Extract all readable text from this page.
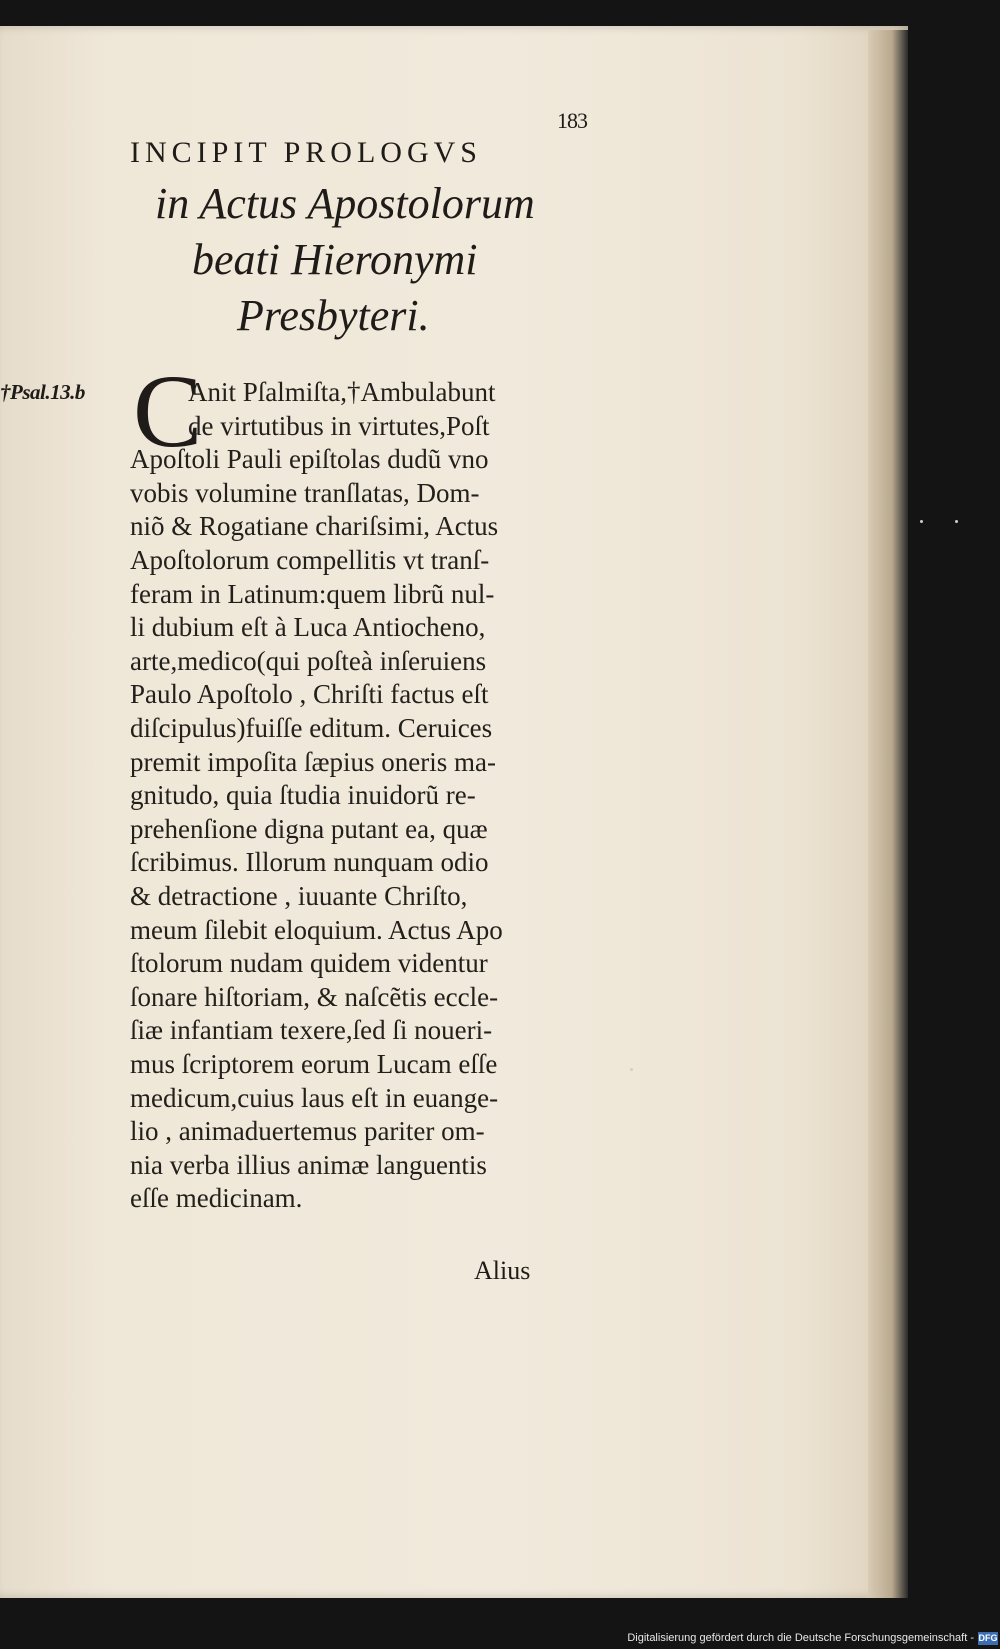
183
INCIPIT PROLOGVS
in Actus Apostolorum
beati Hieronymi
Presbyteri.
†Psal.13.b C
Anit Pſalmiſta,†Ambulabunt
de virtutibus in virtutes,Poſt
Apoſtoli Pauli epiſtolas dudũ vno
vobis volumine tranſlatas, Dom-
niõ & Rogatiane chariſsimi, Actus
Apoſtolorum compellitis vt tranſ-
feram in Latinum:quem librũ nul-
li dubium eſt à Luca Antiocheno,
arte,medico(qui poſteà inſeruiens
Paulo Apoſtolo , Chriſti factus eſt
diſcipulus)fuiſſe editum. Ceruices
premit impoſita ſæpius oneris ma-
gnitudo, quia ſtudia inuidorũ re-
prehenſione digna putant ea, quæ
ſcribimus. Illorum nunquam odio
& detractione , iuuante Chriſto,
meum ſilebit eloquium. Actus Apo
ſtolorum nudam quidem videntur
ſonare hiſtoriam, & naſcẽtis eccle-
ſiæ infantiam texere,ſed ſi noueri-
mus ſcriptorem eorum Lucam eſſe
medicum,cuius laus eſt in euange-
lio , animaduertemus pariter om-
nia verba illius animæ languentis
eſſe medicinam.
Alius
Digitalisierung gefördert durch die Deutsche Forschungsgemeinschaft - DFG
